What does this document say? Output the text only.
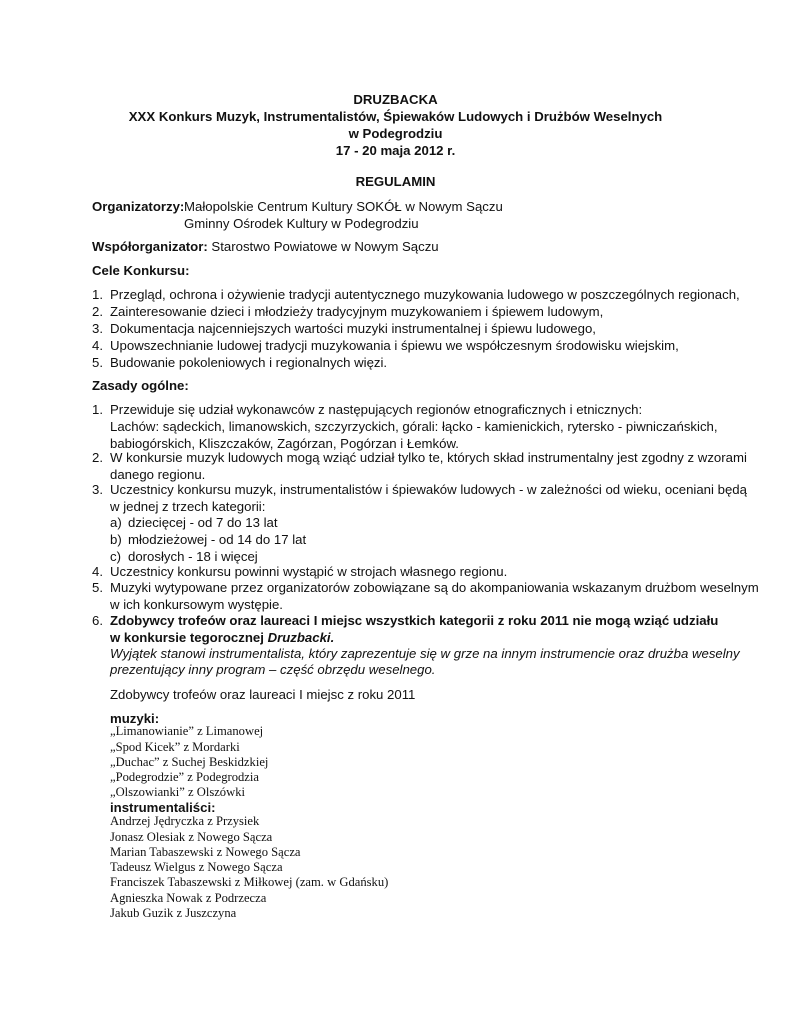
DRUZBACKA
XXX Konkurs Muzyk, Instrumentalistów, Śpiewaków Ludowych i Drużbów Weselnych
w Podegrodziu
17 - 20 maja 2012 r.
REGULAMIN
Organizatorzy: Małopolskie Centrum Kultury SOKÓŁ w Nowym Sączu
Gminny Ośrodek Kultury w Podegrodziu
Współorganizator: Starostwo Powiatowe w Nowym Sączu
Cele Konkursu:
1. Przegląd, ochrona i ożywienie tradycji autentycznego muzykowania ludowego w poszczególnych regionach,
2. Zainteresowanie dzieci i młodzieży tradycyjnym muzykowaniem i śpiewem ludowym,
3. Dokumentacja najcenniejszych wartości muzyki instrumentalnej i śpiewu ludowego,
4. Upowszechnianie ludowej tradycji muzykowania i śpiewu we współczesnym środowisku wiejskim,
5. Budowanie pokoleniowych i regionalnych więzi.
Zasady ogólne:
1. Przewiduje się udział wykonawców z następujących regionów etnograficznych i etnicznych:
Lachów: sądeckich, limanowskich, szczyrzyckich, górali: łącko - kamienickich, rytersko - piwniczańskich,
babiogórskich, Kliszczaków, Zagórzan, Pogórzan i Łemków.
2. W konkursie muzyk ludowych mogą wziąć udział tylko te, których skład instrumentalny jest zgodny z wzorami
danego regionu.
3. Uczestnicy konkursu muzyk, instrumentalistów i śpiewaków ludowych - w zależności od wieku, oceniani będą
w jednej z trzech kategorii:
a) dziecięcej - od 7 do 13 lat
b) młodzieżowej - od 14 do 17 lat
c) dorosłych - 18 i więcej
4. Uczestnicy konkursu powinni wystąpić w strojach własnego regionu.
5. Muzyki wytypowane przez organizatorów zobowiązane są do akompaniowania wskazanym drużbom weselnym
w ich konkursowym występie.
6. Zdobywcy trofeów oraz laureaci I miejsc wszystkich kategorii z roku 2011 nie mogą wziąć udziału
w konkursie tegorocznej Druzbacki.
Wyjątek stanowi instrumentalista, który zaprezentuje się w grze na innym instrumencie oraz drużba weselny
prezentujący inny program – część obrzędu weselnego.
Zdobywcy trofeów oraz laureaci I miejsc z roku 2011
muzyki:
„Limanowianie” z Limanowej
„Spod Kicek” z Mordarki
„Duchac” z Suchej Beskidzkiej
„Podegrodzie” z Podegrodzia
„Olszowianki” z Olszówki
instrumentaliści:
Andrzej Jędryczka z Przysiek
Jonasz Olesiak z Nowego Sącza
Marian Tabaszewski z Nowego Sącza
Tadeusz Wielgus z Nowego Sącza
Franciszek Tabaszewski z Miłkowej (zam. w Gdańsku)
Agnieszka Nowak z Podrzecza
Jakub Guzik z Juszczyna
